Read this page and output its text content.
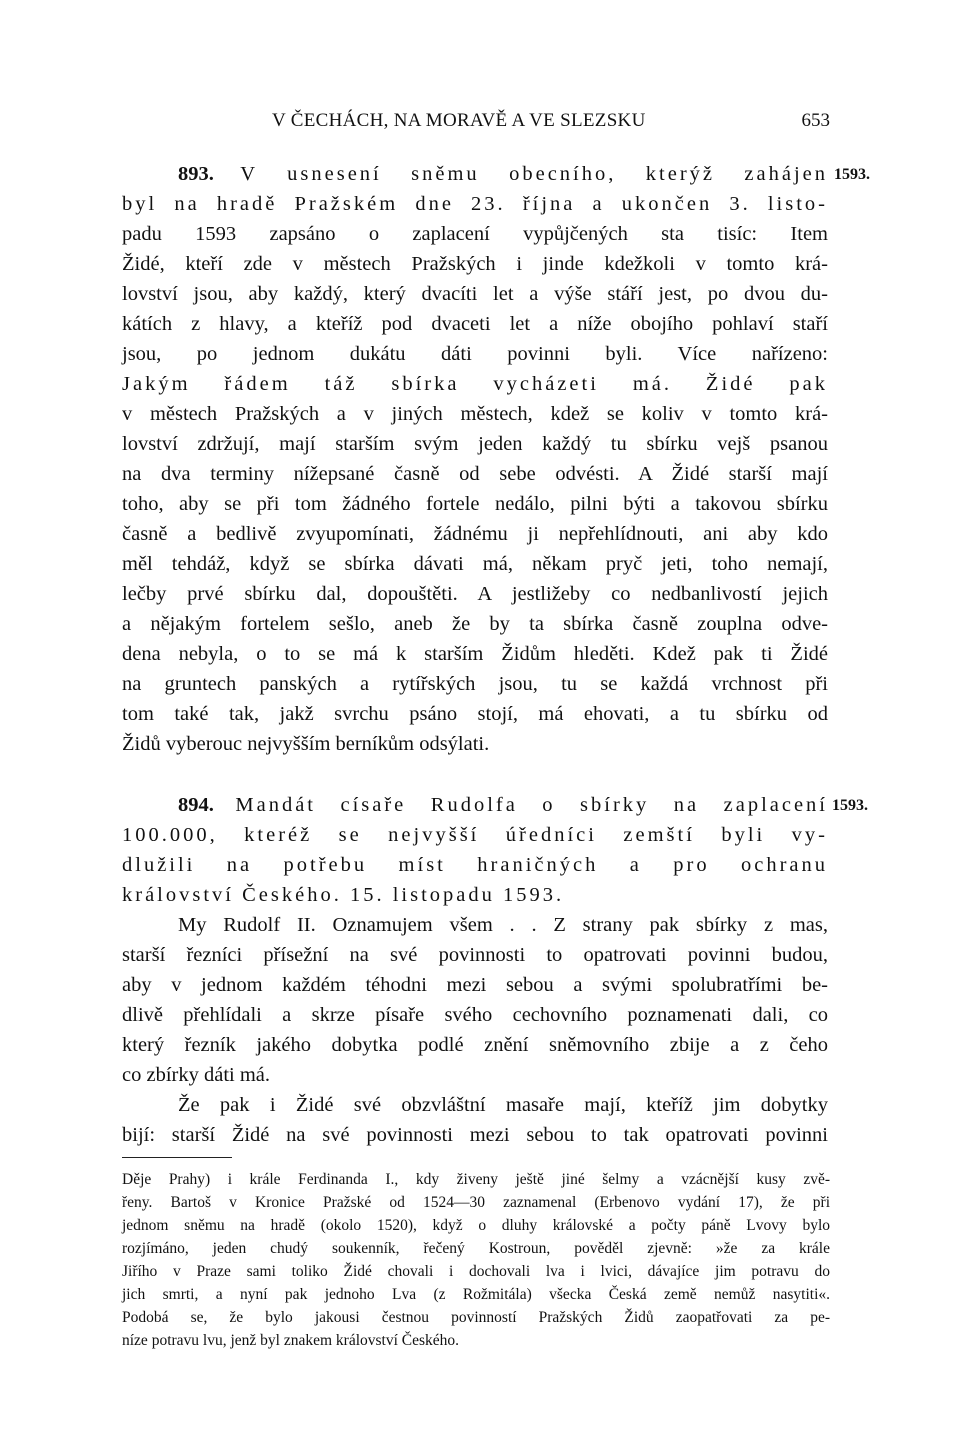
V ČECHÁCH, NA MORAVĚ A VE SLEZSKU	653
893. V usnesení sněmu obecního, kterýž zahájen 1593.
byl na hradě Pražském dne 23. října a ukončen 3. listo-
padu 1593 zapsáno o zaplacení vypůjčených sta tisíc: Item
Židé, kteří zde v městech Pražských i jinde kdežkoli v tomto krá-
lovství jsou, aby každý, který dvacíti let a výše stáří jest, po dvou du-
kátích z hlavy, a kteříž pod dvaceti let a níže obojího pohlaví staří
jsou, po jednom dukátu dáti povinni byli. Více nařízeno:
Jakým řádem táž sbírka vycházeti má. Židé pak
v městech Pražských a v jiných městech, kdež se koliv v tomto krá-
lovství zdržují, mají starším svým jeden každý tu sbírku vejš psanou
na dva terminy nížepsané časně od sebe odvésti. A Židé starší mají
toho, aby se při tom žádného fortele nedálo, pilni býti a takovou sbírku
časně a bedlivě zvyupomínati, žádnému ji nepřehlídnouti, ani aby kdo
měl tehdáž, když se sbírka dávati má, někam pryč jeti, toho nemají,
lečby prvé sbírku dal, dopouštěti. A jestližeby co nedbanlivostí jejich
a nějakým fortelem sešlo, aneb že by ta sbírka časně zouplna odve-
dena nebyla, o to se má k starším Židům hleděti. Kdež pak ti Židé
na gruntech panských a rytířských jsou, tu se každá vrchnost při
tom také tak, jakž svrchu psáno stojí, má ehovati, a tu sbírku od
Židů vyberouc nejvyšším berníkům odsýlati.
894. Mandát císaře Rudolfa o sbírky na zaplacení 1593.
100.000, kteréž se nejvyšší úředníci zemští byli vy-
dlužili na potřebu míst hraničných a pro ochranu
království Českého. 15. listopadu 1593.
My Rudolf II. Oznamujem všem . . Z strany pak sbírky z mas,
starší řezníci přísežní na své povinnosti to opatrovati povinni budou,
aby v jednom každém téhodni mezi sebou a svými spolubratřími be-
dlivě přehlídali a skrze písaře svého cechovního poznamenati dali, co
který řezník jakého dobytka podlé znění sněmovního zbije a z čeho
co zbírky dáti má.
Že pak i Židé své obzvláštní masaře mají, kteříž jim dobytky
bijí: starší Židé na své povinnosti mezi sebou to tak opatrovati povinni
Děje Prahy) i krále Ferdinanda I., kdy živeny ještě jiné šelmy a vzácnější kusy zvě-
řeny. Bartoš v Kronice Pražské od 1524—30 zaznamenal (Erbenovo vydání 17), že při
jednom sněmu na hradě (okolo 1520), když o dluhy královské a počty páně Lvovy bylo
rozjímáno, jeden chudý soukenník, řečený Kostroun, pověděl zjevně: »že za krále
Jiřího v Praze sami toliko Židé chovali i dochovali lva i lvici, dávajíce jim potravu do
jich smrti, a nyní pak jednoho Lva (z Rožmitála) všecka Česká země nemůž nasytiti«.
Podobá se, že bylo jakousi čestnou povinností Pražských Židů zaopatřovati za pe-
níze potravu lvu, jenž byl znakem království Českého.
